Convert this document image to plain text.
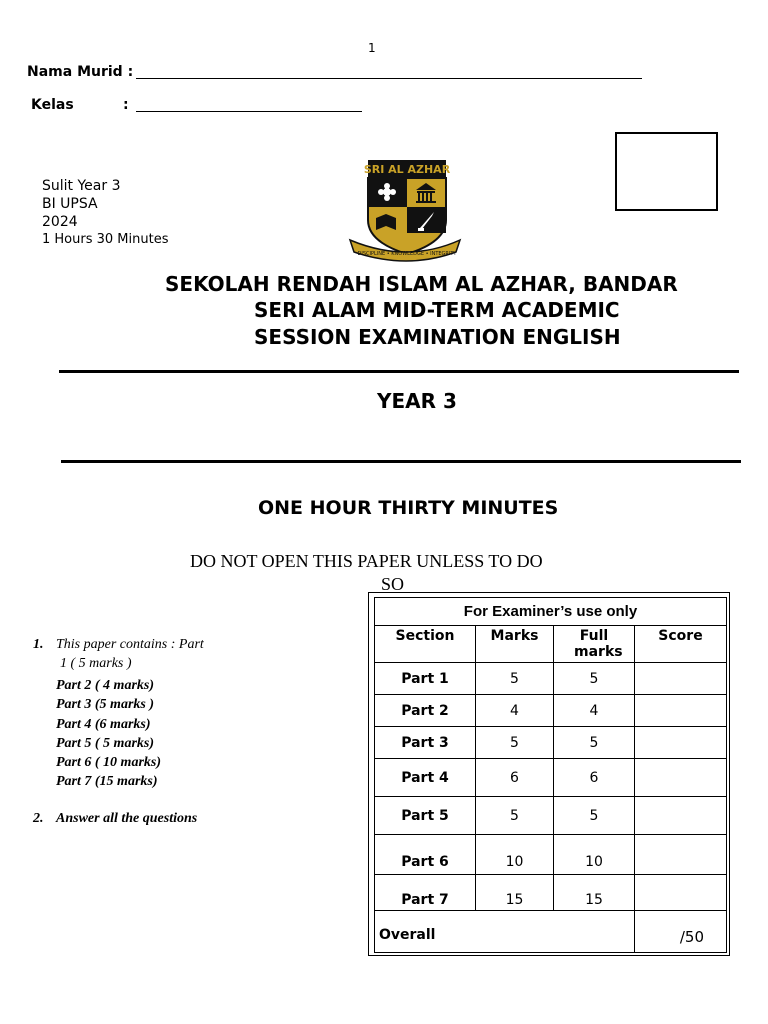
1
Nama Murid :
Kelas	:
Sulit Year 3
BI UPSA
2024
1 Hours 30 Minutes
SRI AL AZHAR
DISCIPLINE • KNOWLEDGE • INTEGRITY
SEKOLAH RENDAH ISLAM AL AZHAR, BANDAR
SERI ALAM MID-TERM ACADEMIC
SESSION EXAMINATION ENGLISH
YEAR 3
ONE HOUR THIRTY MINUTES
DO NOT OPEN THIS PAPER UNLESS TO DO
SO
1. This paper contains : Part
1 ( 5 marks )
Part 2 ( 4 marks)
Part 3 (5 marks )
Part 4 (6 marks)
Part 5 ( 5 marks)
Part 6 ( 10 marks)
Part 7 (15 marks)
2. Answer all the questions
For Examiner’s use only			
Section	Marks	Full marks	Score
Part 1	5	5	
Part 2	4	4	
Part 3	5	5	
Part 4	6	6	
Part 5	5	5	
Part 6	10	10	
Part 7	15	15	
Overall			/50
